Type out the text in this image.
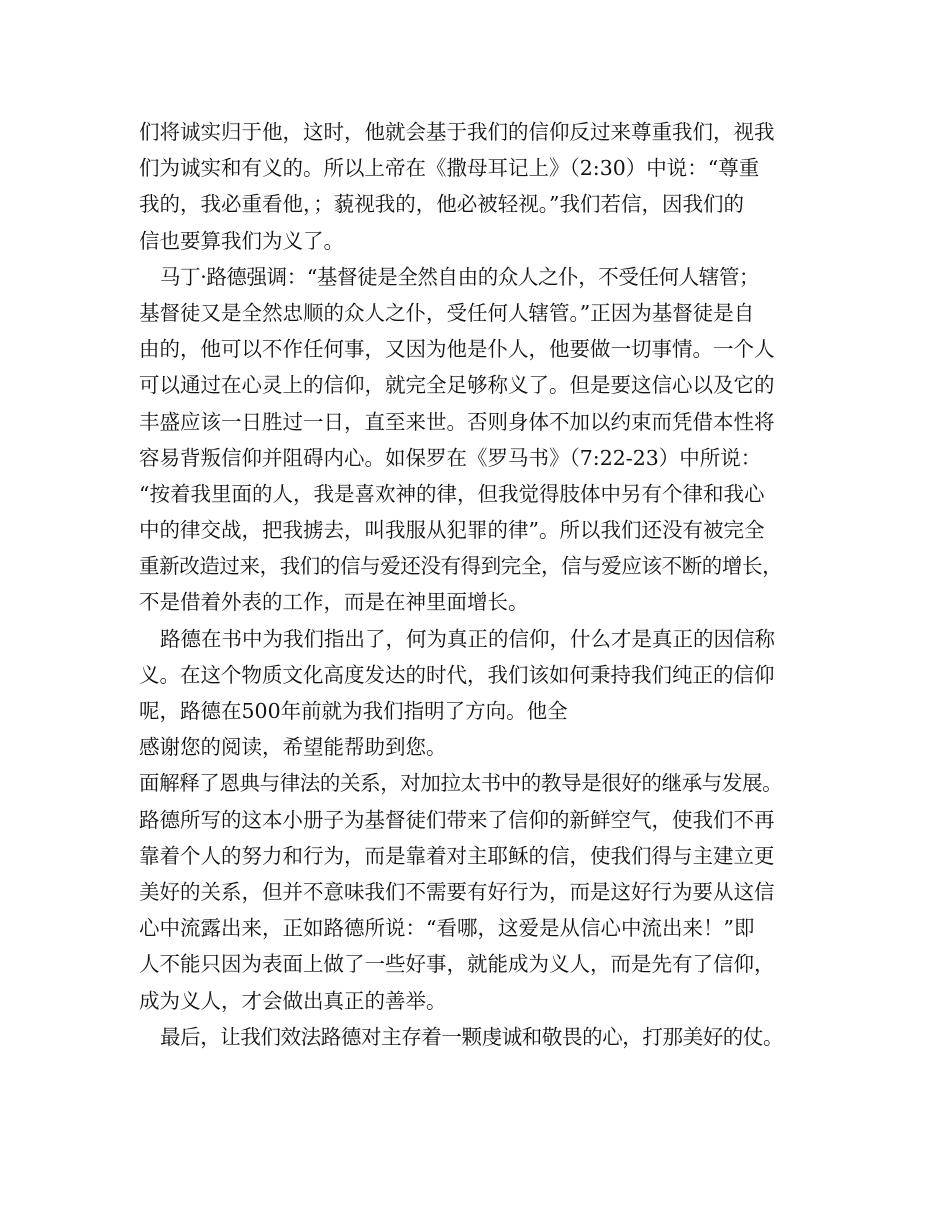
们将诚实归于他，这时，他就会基于我们的信仰反过来尊重我们，视我
们为诚实和有义的。所以上帝在《撒母耳记上》（2:30）中说：“尊重
我的，我必重看他，；藐视我的，他必被轻视。”我们若信，因我们的
信也要算我们为义了。
马丁·路德强调：“基督徒是全然自由的众人之仆，不受任何人辖管；
基督徒又是全然忠顺的众人之仆，受任何人辖管。”正因为基督徒是自
由的，他可以不作任何事，又因为他是仆人，他要做一切事情。一个人
可以通过在心灵上的信仰，就完全足够称义了。但是要这信心以及它的
丰盛应该一日胜过一日，直至来世。否则身体不加以约束而凭借本性将
容易背叛信仰并阻碍内心。如保罗在《罗马书》（7:22-23）中所说：
“按着我里面的人，我是喜欢神的律，但我觉得肢体中另有个律和我心
中的律交战，把我掳去，叫我服从犯罪的律”。所以我们还没有被完全
重新改造过来，我们的信与爱还没有得到完全，信与爱应该不断的增长，
不是借着外表的工作，而是在神里面增长。
路德在书中为我们指出了，何为真正的信仰，什么才是真正的因信称
义。在这个物质文化高度发达的时代，我们该如何秉持我们纯正的信仰
呢，路德在500年前就为我们指明了方向。他全
感谢您的阅读，希望能帮助到您。
面解释了恩典与律法的关系，对加拉太书中的教导是很好的继承与发展。
路德所写的这本小册子为基督徒们带来了信仰的新鲜空气，使我们不再
靠着个人的努力和行为，而是靠着对主耶稣的信，使我们得与主建立更
美好的关系，但并不意味我们不需要有好行为，而是这好行为要从这信
心中流露出来，正如路德所说：“看哪，这爱是从信心中流出来！”即
人不能只因为表面上做了一些好事，就能成为义人，而是先有了信仰，
成为义人，才会做出真正的善举。
最后，让我们效法路德对主存着一颗虔诚和敬畏的心，打那美好的仗。
